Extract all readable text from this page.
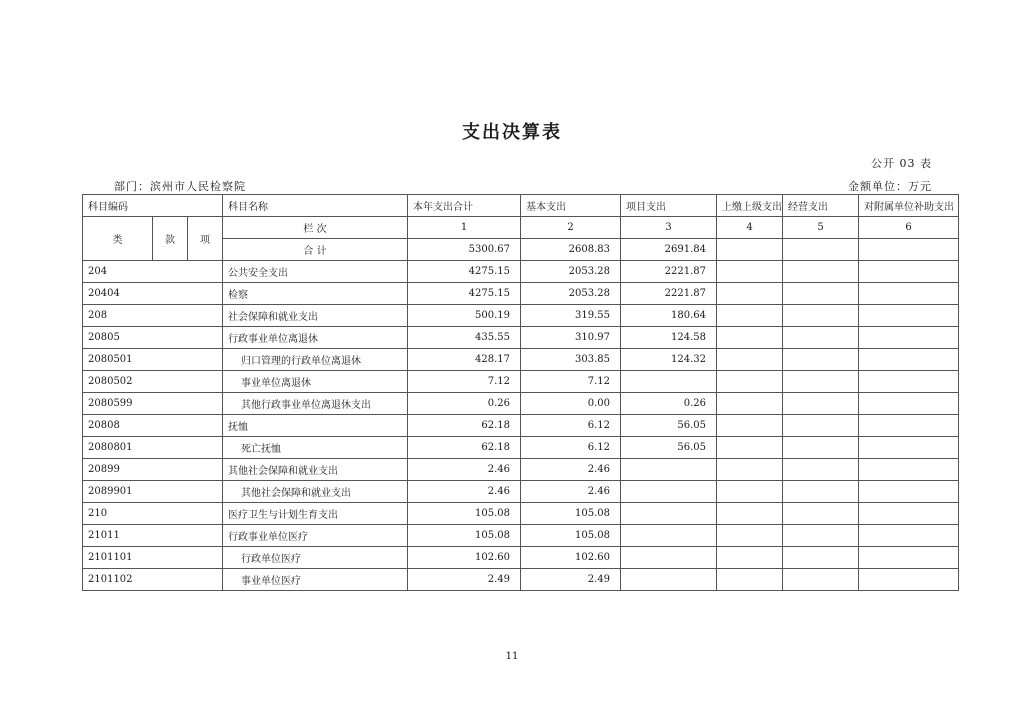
支出决算表
公开 03 表
部门：滨州市人民检察院	金额单位：万元
科目编码			科目名称	本年支出合计	基本支出	项目支出	上缴上级支出	经营支出	对附属单位补助支出
类	款	项	栏 次	1	2	3	4	5	6
			合 计	5300.67	2608.83	2691.84			
204			公共安全支出	4275.15	2053.28	2221.87			
20404			检察	4275.15	2053.28	2221.87			
208			社会保障和就业支出	500.19	319.55	180.64			
20805			行政事业单位离退休	435.55	310.97	124.58			
2080501			归口管理的行政单位离退休	428.17	303.85	124.32			
2080502			事业单位离退休	7.12	7.12				
2080599			其他行政事业单位离退休支出	0.26	0.00	0.26			
20808			抚恤	62.18	6.12	56.05			
2080801			死亡抚恤	62.18	6.12	56.05			
20899			其他社会保障和就业支出	2.46	2.46				
2089901			其他社会保障和就业支出	2.46	2.46				
210			医疗卫生与计划生育支出	105.08	105.08				
21011			行政事业单位医疗	105.08	105.08				
2101101			行政单位医疗	102.60	102.60				
2101102			事业单位医疗	2.49	2.49				
11
